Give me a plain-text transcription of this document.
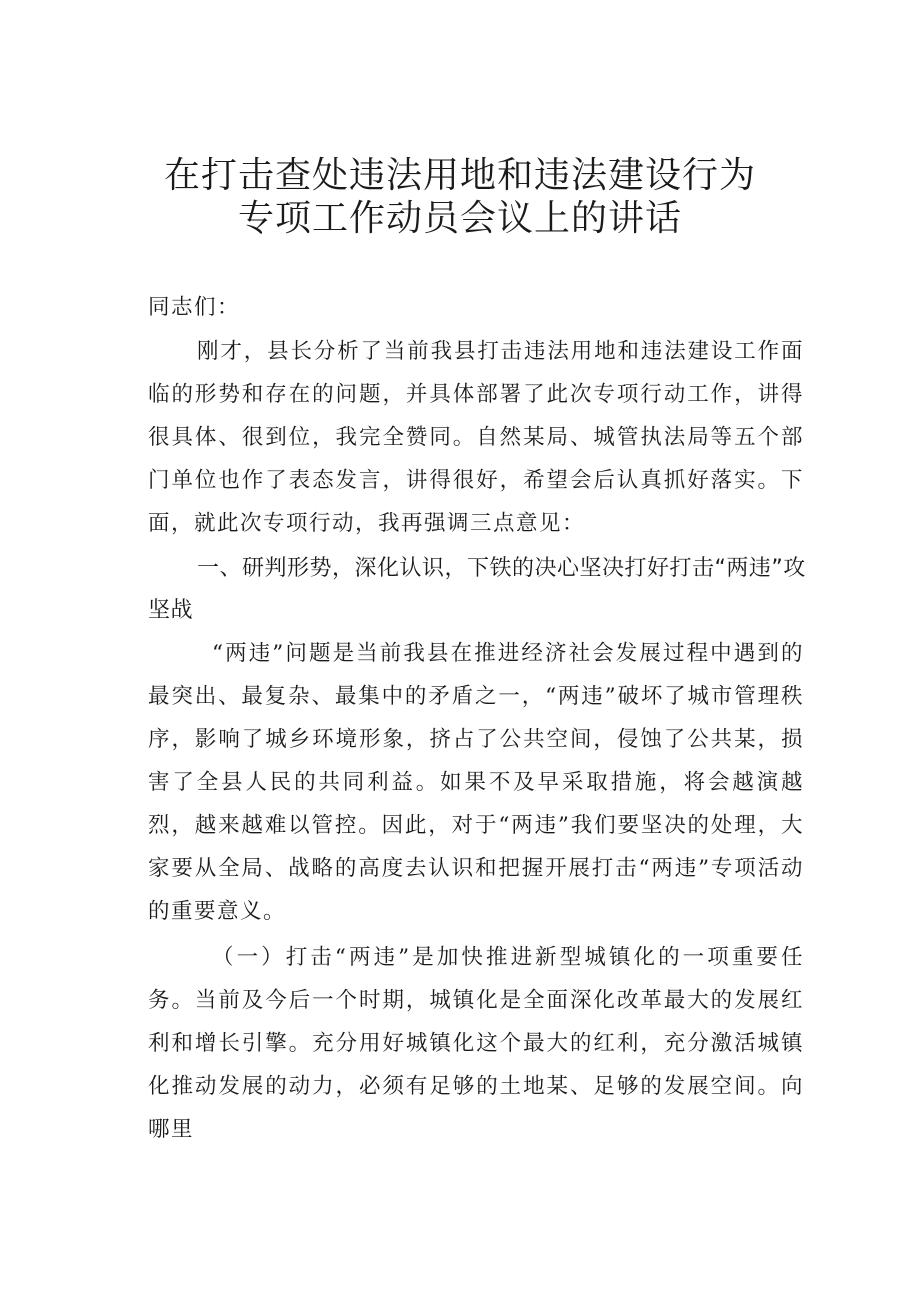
在打击查处违法用地和违法建设行为
专项工作动员会议上的讲话

同志们：

刚才，县长分析了当前我县打击违法用地和违法建设工作面临的形势和存在的问题，并具体部署了此次专项行动工作，讲得很具体、很到位，我完全赞同。自然某局、城管执法局等五个部门单位也作了表态发言，讲得很好，希望会后认真抓好落实。下面，就此次专项行动，我再强调三点意见：

一、研判形势，深化认识，下铁的决心坚决打好打击“两违”攻坚战

“两违”问题是当前我县在推进经济社会发展过程中遇到的最突出、最复杂、最集中的矛盾之一，“两违”破坏了城市管理秩序，影响了城乡环境形象，挤占了公共空间，侵蚀了公共某，损害了全县人民的共同利益。如果不及早采取措施，将会越演越烈，越来越难以管控。因此，对于“两违”我们要坚决的处理，大家要从全局、战略的高度去认识和把握开展打击“两违”专项活动的重要意义。

（一）打击“两违”是加快推进新型城镇化的一项重要任务。当前及今后一个时期，城镇化是全面深化改革最大的发展红利和增长引擎。充分用好城镇化这个最大的红利，充分激活城镇化推动发展的动力，必须有足够的土地某、足够的发展空间。向哪里
